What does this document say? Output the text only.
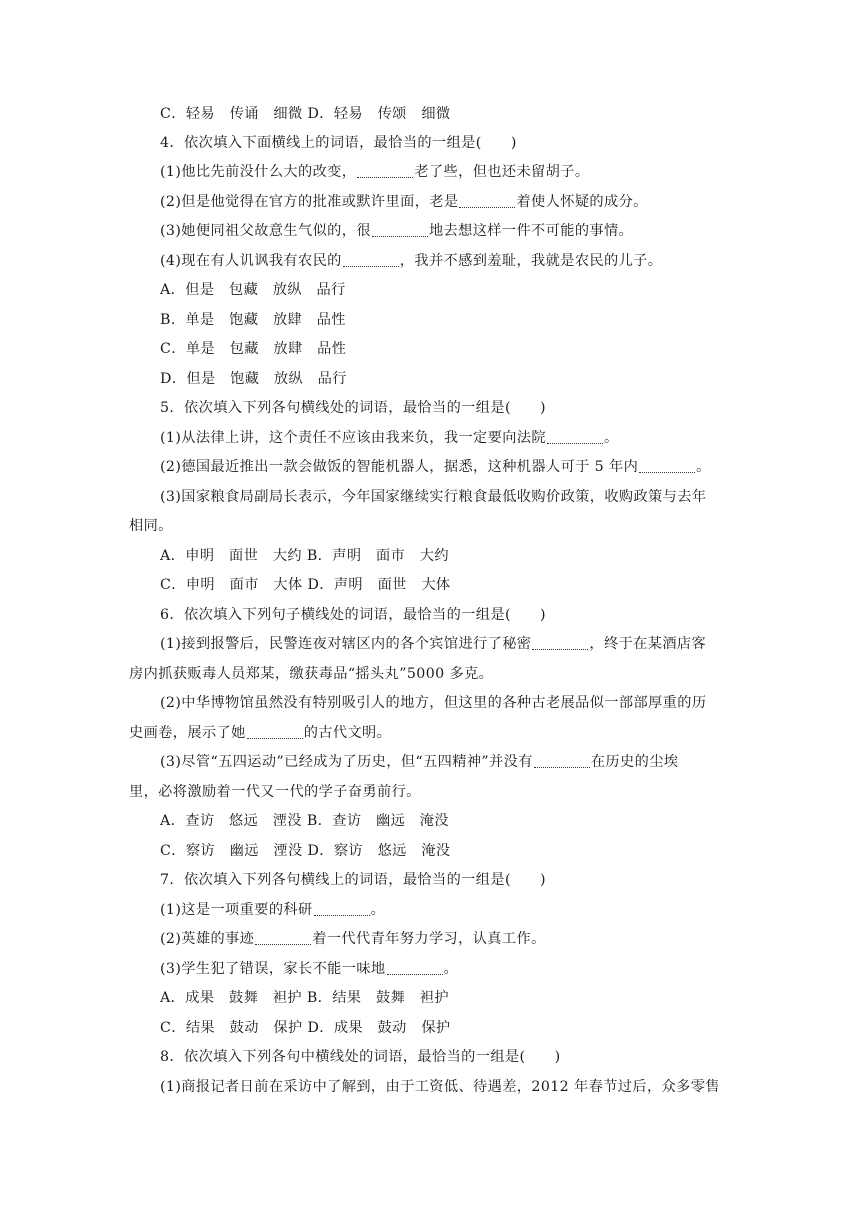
C．轻易　传诵　细微 D．轻易　传颂　细微
4．依次填入下面横线上的词语，最恰当的一组是(　　)
(1)他比先前没什么大的改变，	老了些，但也还未留胡子。
(2)但是他觉得在官方的批准或默许里面，老是	着使人怀疑的成分。
(3)她便同祖父故意生气似的，很	地去想这样一件不可能的事情。
(4)现在有人讥讽我有农民的	，我并不感到羞耻，我就是农民的儿子。
A．但是　包藏　放纵　品行
B．单是　饱藏　放肆　品性
C．单是　包藏　放肆　品性
D．但是　饱藏　放纵　品行
5．依次填入下列各句横线处的词语，最恰当的一组是(　　)
(1)从法律上讲，这个责任不应该由我来负，我一定要向法院	。
(2)德国最近推出一款会做饭的智能机器人，据悉，这种机器人可于 5 年内	。
(3)国家粮食局副局长表示，今年国家继续实行粮食最低收购价政策，收购政策与去年
相同。
A．申明　面世　大约 B．声明　面市　大约
C．申明　面市　大体 D．声明　面世　大体
6．依次填入下列句子横线处的词语，最恰当的一组是(　　)
(1)接到报警后，民警连夜对辖区内的各个宾馆进行了秘密	，终于在某酒店客
房内抓获贩毒人员郑某，缴获毒品“摇头丸”5000 多克。
(2)中华博物馆虽然没有特别吸引人的地方，但这里的各种古老展品似一部部厚重的历
史画卷，展示了她	的古代文明。
(3)尽管“五四运动”已经成为了历史，但“五四精神”并没有	在历史的尘埃
里，必将激励着一代又一代的学子奋勇前行。
A．查访　悠远　湮没 B．查访　幽远　淹没
C．察访　幽远　湮没 D．察访　悠远　淹没
7．依次填入下列各句横线上的词语，最恰当的一组是(　　)
(1)这是一项重要的科研	。
(2)英雄的事迹	着一代代青年努力学习，认真工作。
(3)学生犯了错误，家长不能一味地	。
A．成果　鼓舞　袒护 B．结果　鼓舞　袒护
C．结果　鼓动　保护 D．成果　鼓动　保护
8．依次填入下列各句中横线处的词语，最恰当的一组是(　　)
(1)商报记者日前在采访中了解到，由于工资低、待遇差，2012 年春节过后，众多零售
